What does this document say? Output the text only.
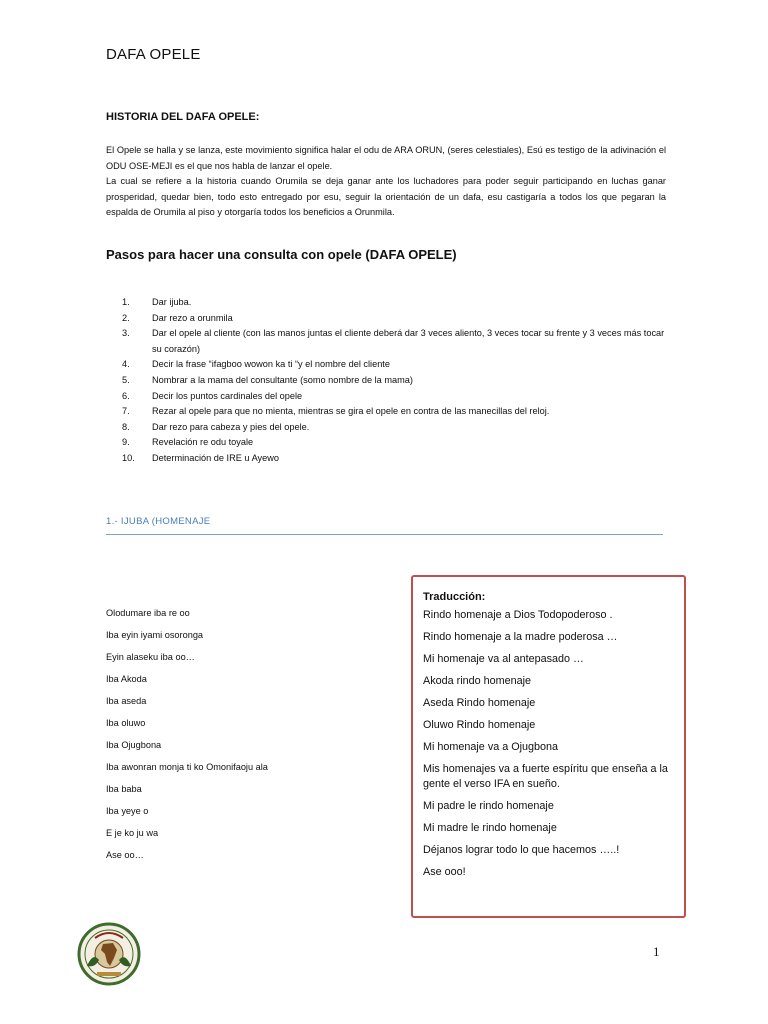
DAFA OPELE
HISTORIA DEL DAFA OPELE:

El Opele se halla y se lanza, este movimiento significa halar el odu de ARA ORUN, (seres celestiales), Esú es testigo de la adivinación el ODU OSE-MEJI es el que nos habla de lanzar el opele.

La cual se refiere a la historia cuando Orumila se deja ganar ante los luchadores para poder seguir participando en luchas ganar prosperidad, quedar bien, todo esto entregado por esu, seguir la orientación de un dafa, esu castigaría a todos los que pegaran la espalda de Orumila al piso y otorgaría todos los beneficios a Orunmila.

Pasos para hacer una consulta con opele (DAFA OPELE)
1.	Dar ijuba.
2.	Dar rezo a orunmila
3.	Dar el opele al cliente (con las manos juntas el cliente deberá dar 3 veces aliento, 3 veces tocar su frente y 3 veces más tocar su corazón)
4.	Decir la frase “ifagboo wowon ka ti “y el nombre del cliente
5.	Nombrar a la mama del consultante (somo nombre de la mama)
6.	Decir los puntos cardinales del opele
7.	Rezar al opele para que no mienta, mientras se gira el opele en contra de las manecillas del reloj.
8.	Dar rezo para cabeza y pies del opele.
9.	Revelación re odu toyale
10.	Determinación de IRE u Ayewo
1.- IJUBA (HOMENAJE
Olodumare iba re oo
Iba eyin iyami osoronga
Eyin alaseku iba oo…
Iba Akoda
Iba aseda
Iba oluwo
Iba Ojugbona
Iba awonran monja ti ko Omonifaoju ala
Iba baba
Iba yeye o
E je ko ju wa
Ase oo…
Traducción:
Rindo homenaje a Dios Todopoderoso .
Rindo homenaje a la madre poderosa …
Mi homenaje va al antepasado …
Akoda rindo homenaje
Aseda Rindo homenaje
Oluwo Rindo homenaje
Mi homenaje va a Ojugbona
Mis homenajes va a fuerte espíritu que enseña a la gente el verso IFA en sueño.
Mi padre le rindo homenaje
Mi madre le rindo homenaje
Déjanos lograr todo lo que hacemos …..!
Ase ooo!
1
